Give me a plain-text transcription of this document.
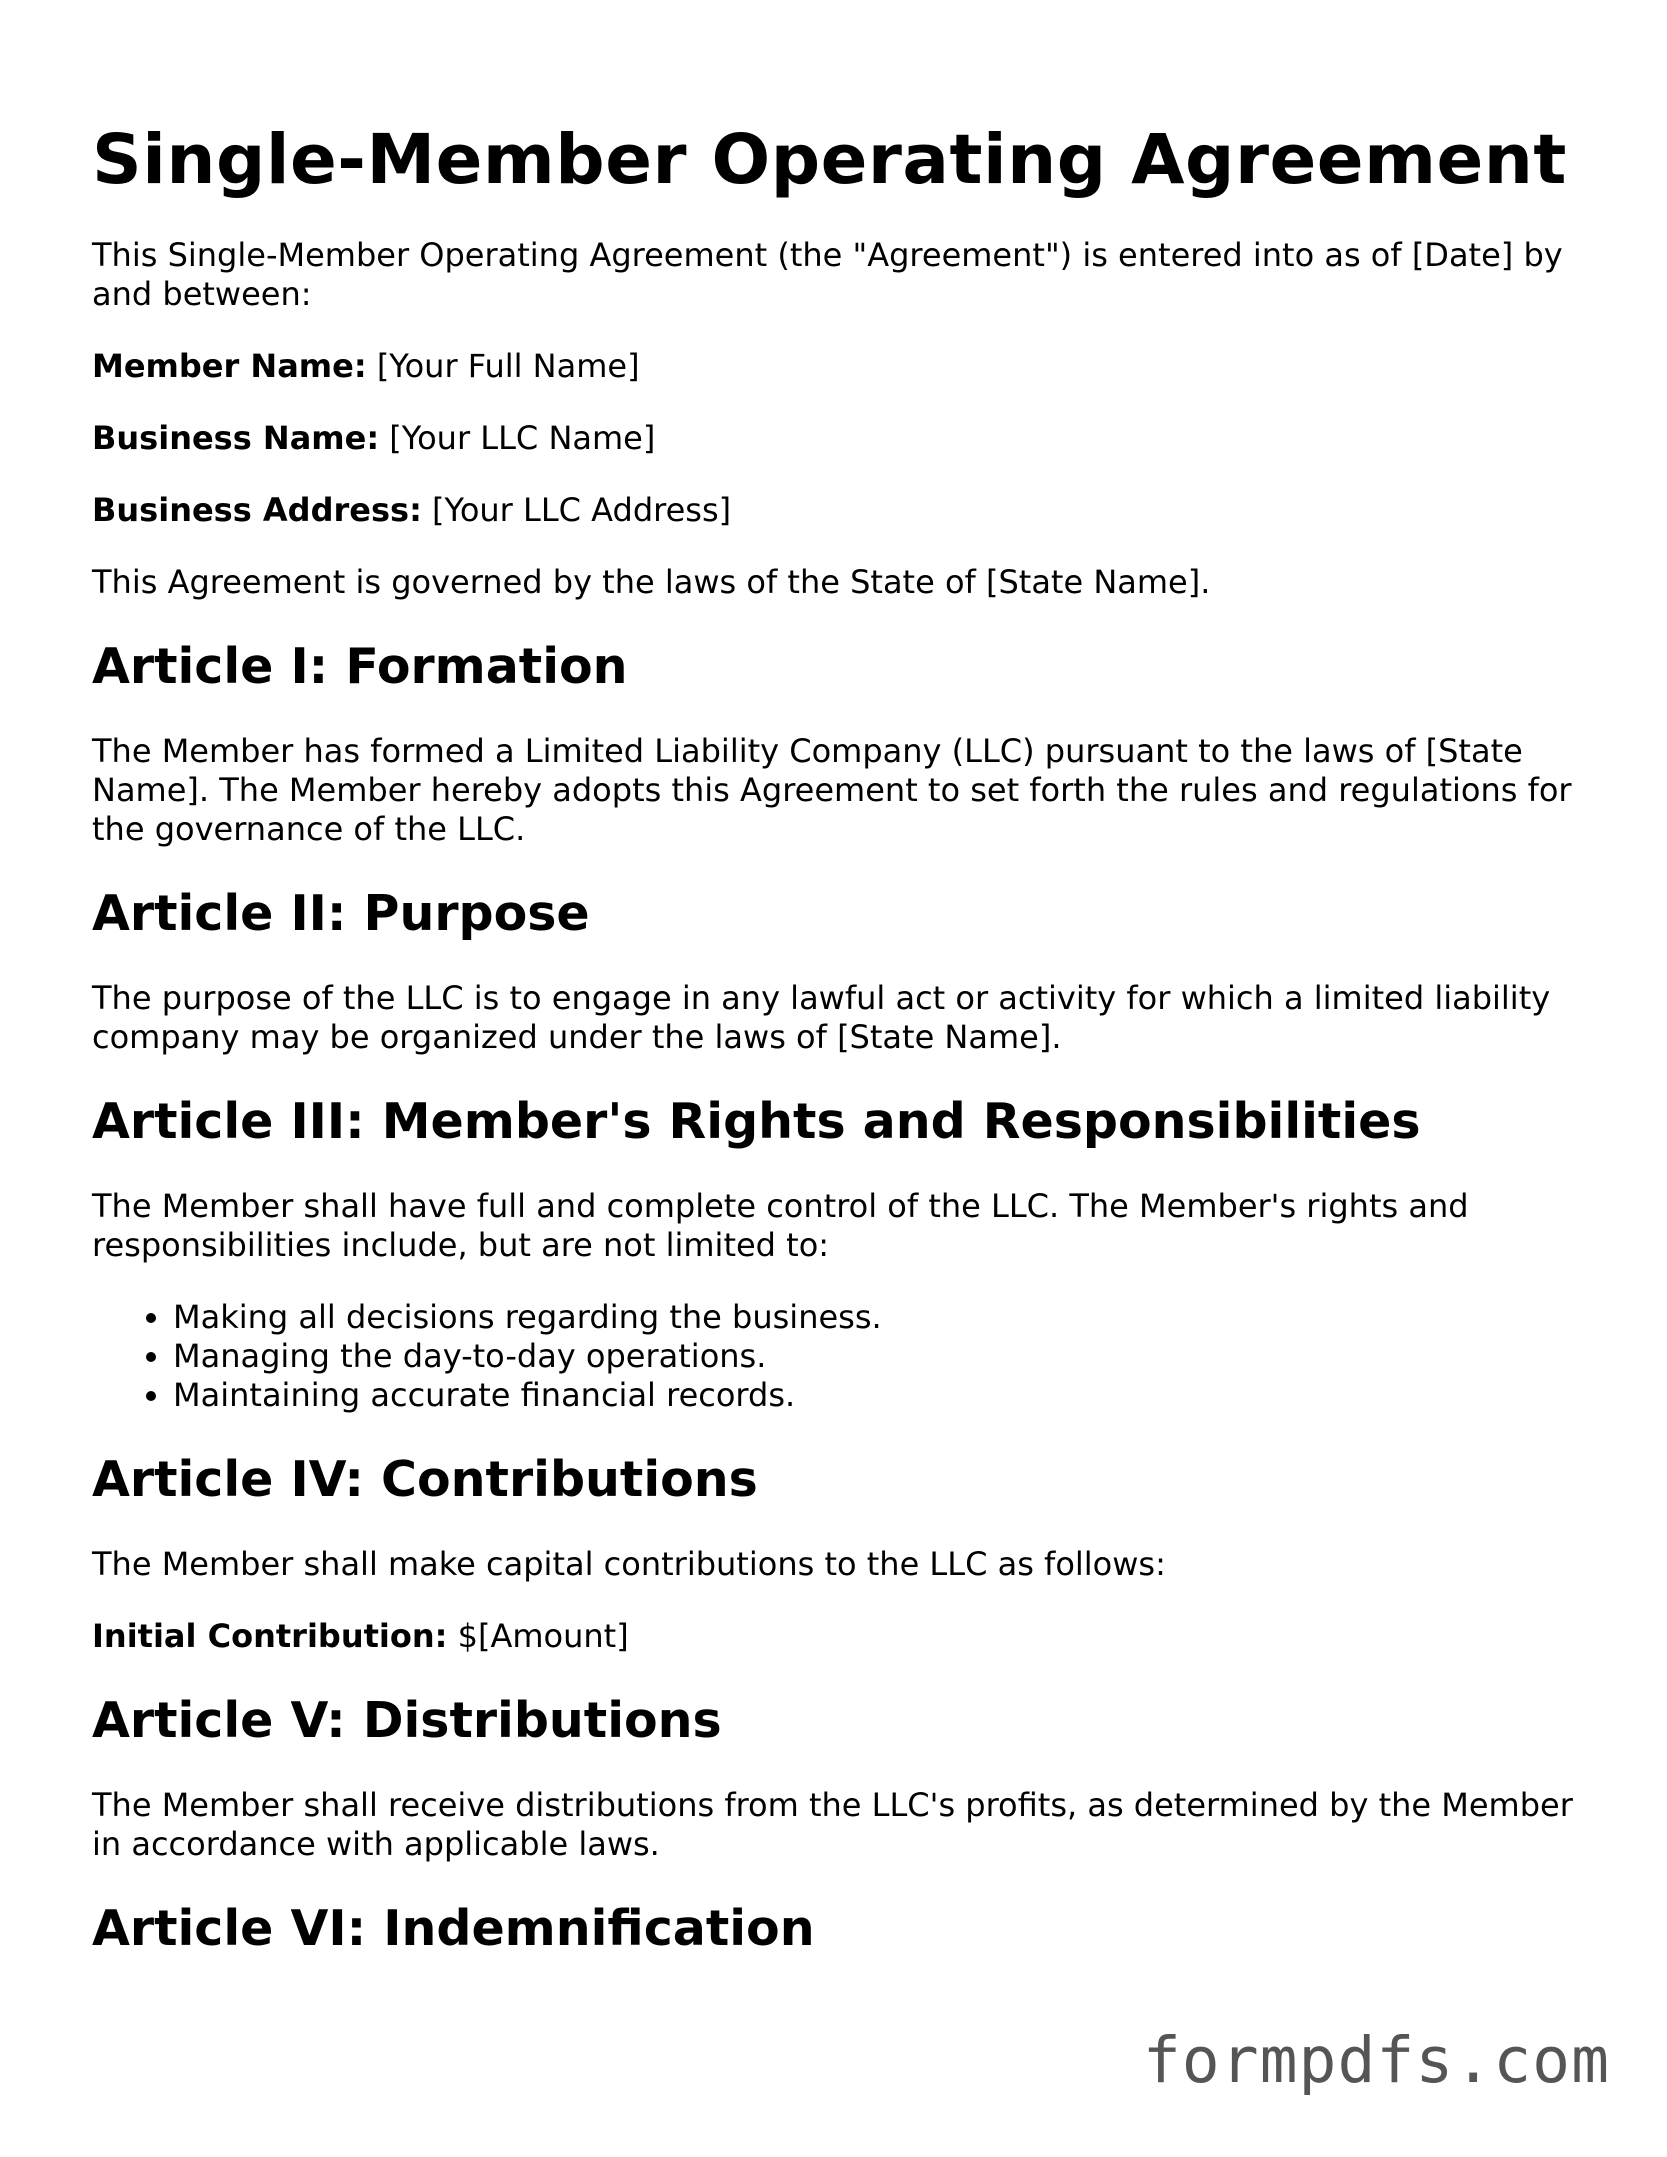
Single-Member Operating Agreement

This Single-Member Operating Agreement (the "Agreement") is entered into as of [Date] by and between:

Member Name: [Your Full Name]

Business Name: [Your LLC Name]

Business Address: [Your LLC Address]

This Agreement is governed by the laws of the State of [State Name].

Article I: Formation

The Member has formed a Limited Liability Company (LLC) pursuant to the laws of [State Name]. The Member hereby adopts this Agreement to set forth the rules and regulations for the governance of the LLC.

Article II: Purpose

The purpose of the LLC is to engage in any lawful act or activity for which a limited liability company may be organized under the laws of [State Name].

Article III: Member's Rights and Responsibilities

The Member shall have full and complete control of the LLC. The Member's rights and responsibilities include, but are not limited to:

• Making all decisions regarding the business.
• Managing the day-to-day operations.
• Maintaining accurate financial records.
Article IV: Contributions

The Member shall make capital contributions to the LLC as follows:

Initial Contribution: $[Amount]

Article V: Distributions

The Member shall receive distributions from the LLC's profits, as determined by the Member in accordance with applicable laws.

Article VI: Indemnification
formpdfs.com
